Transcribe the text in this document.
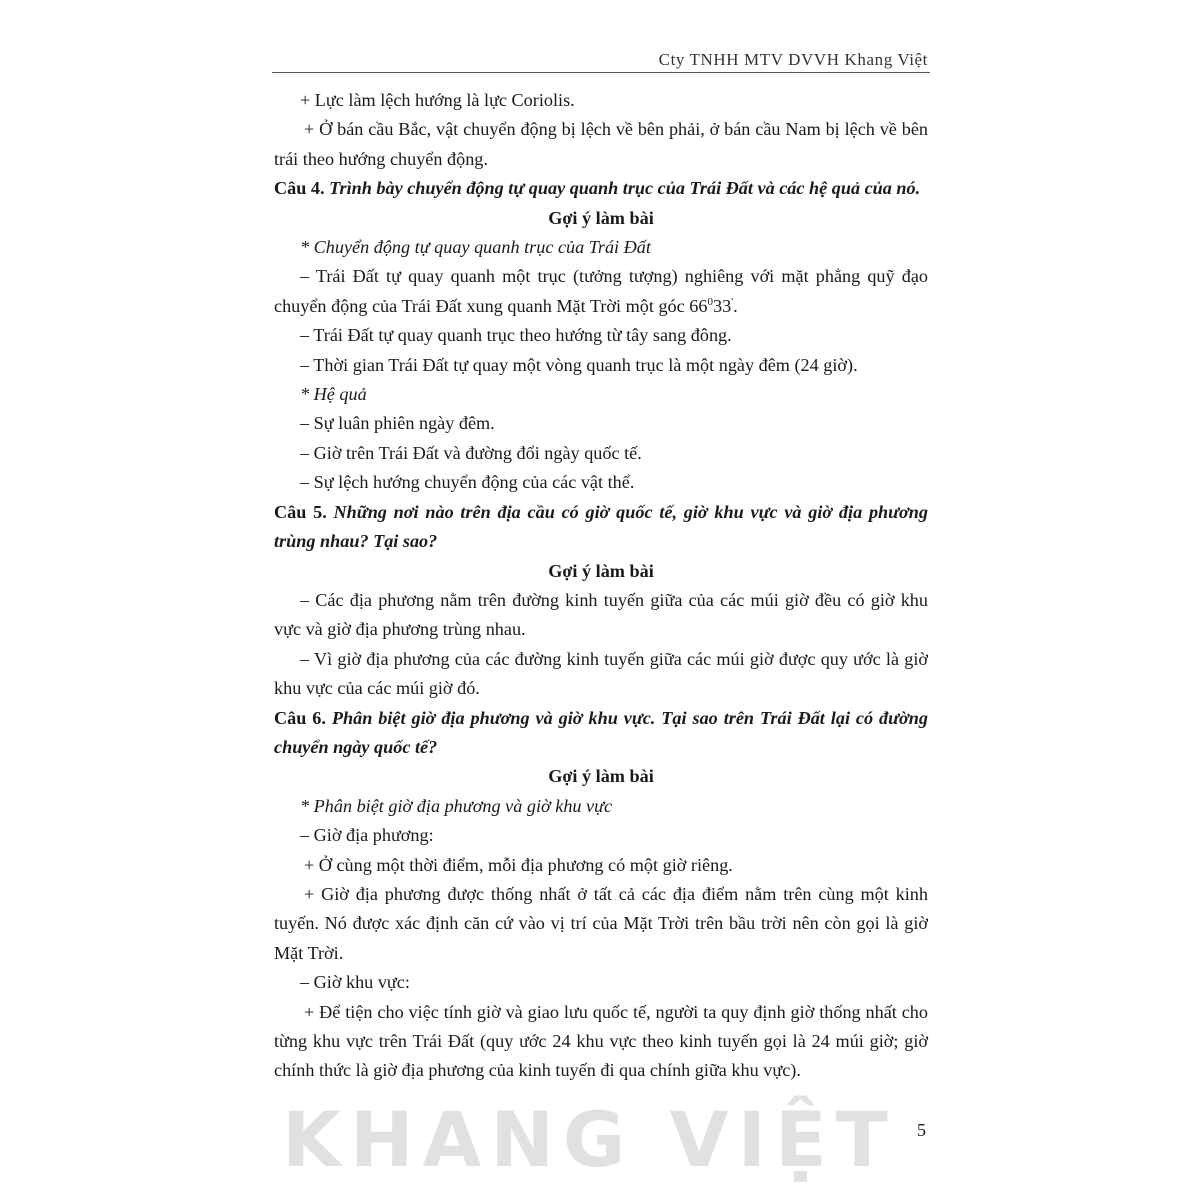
Cty TNHH MTV DVVH Khang Việt
KHANG VIỆT

+ Lực làm lệch hướng là lực Coriolis.

+ Ở bán cầu Bắc, vật chuyển động bị lệch về bên phải, ở bán cầu Nam bị lệch về bên trái theo hướng chuyển động.

Câu 4. Trình bày chuyển động tự quay quanh trục của Trái Đất và các hệ quả của nó.

Gợi ý làm bài

* Chuyển động tự quay quanh trục của Trái Đất

– Trái Đất tự quay quanh một trục (tưởng tượng) nghiêng với mặt phẳng quỹ đạo chuyển động của Trái Đất xung quanh Mặt Trời một góc $66^033'$.

– Trái Đất tự quay quanh trục theo hướng từ tây sang đông.

– Thời gian Trái Đất tự quay một vòng quanh trục là một ngày đêm (24 giờ).

* Hệ quả

– Sự luân phiên ngày đêm.

– Giờ trên Trái Đất và đường đổi ngày quốc tế.

– Sự lệch hướng chuyển động của các vật thể.

Câu 5. Những nơi nào trên địa cầu có giờ quốc tế, giờ khu vực và giờ địa phương trùng nhau? Tại sao?

Gợi ý làm bài

– Các địa phương nằm trên đường kinh tuyến giữa của các múi giờ đều có giờ khu vực và giờ địa phương trùng nhau.

– Vì giờ địa phương của các đường kinh tuyến giữa các múi giờ được quy ước là giờ khu vực của các múi giờ đó.

Câu 6. Phân biệt giờ địa phương và giờ khu vực. Tại sao trên Trái Đất lại có đường chuyển ngày quốc tế?

Gợi ý làm bài

* Phân biệt giờ địa phương và giờ khu vực

– Giờ địa phương:

+ Ở cùng một thời điểm, mỗi địa phương có một giờ riêng.

+ Giờ địa phương được thống nhất ở tất cả các địa điểm nằm trên cùng một kinh tuyến. Nó được xác định căn cứ vào vị trí của Mặt Trời trên bầu trời nên còn gọi là giờ Mặt Trời.

– Giờ khu vực:

+ Để tiện cho việc tính giờ và giao lưu quốc tế, người ta quy định giờ thống nhất cho từng khu vực trên Trái Đất (quy ước 24 khu vực theo kinh tuyến gọi là 24 múi giờ; giờ chính thức là giờ địa phương của kinh tuyến đi qua chính giữa khu vực).

5
